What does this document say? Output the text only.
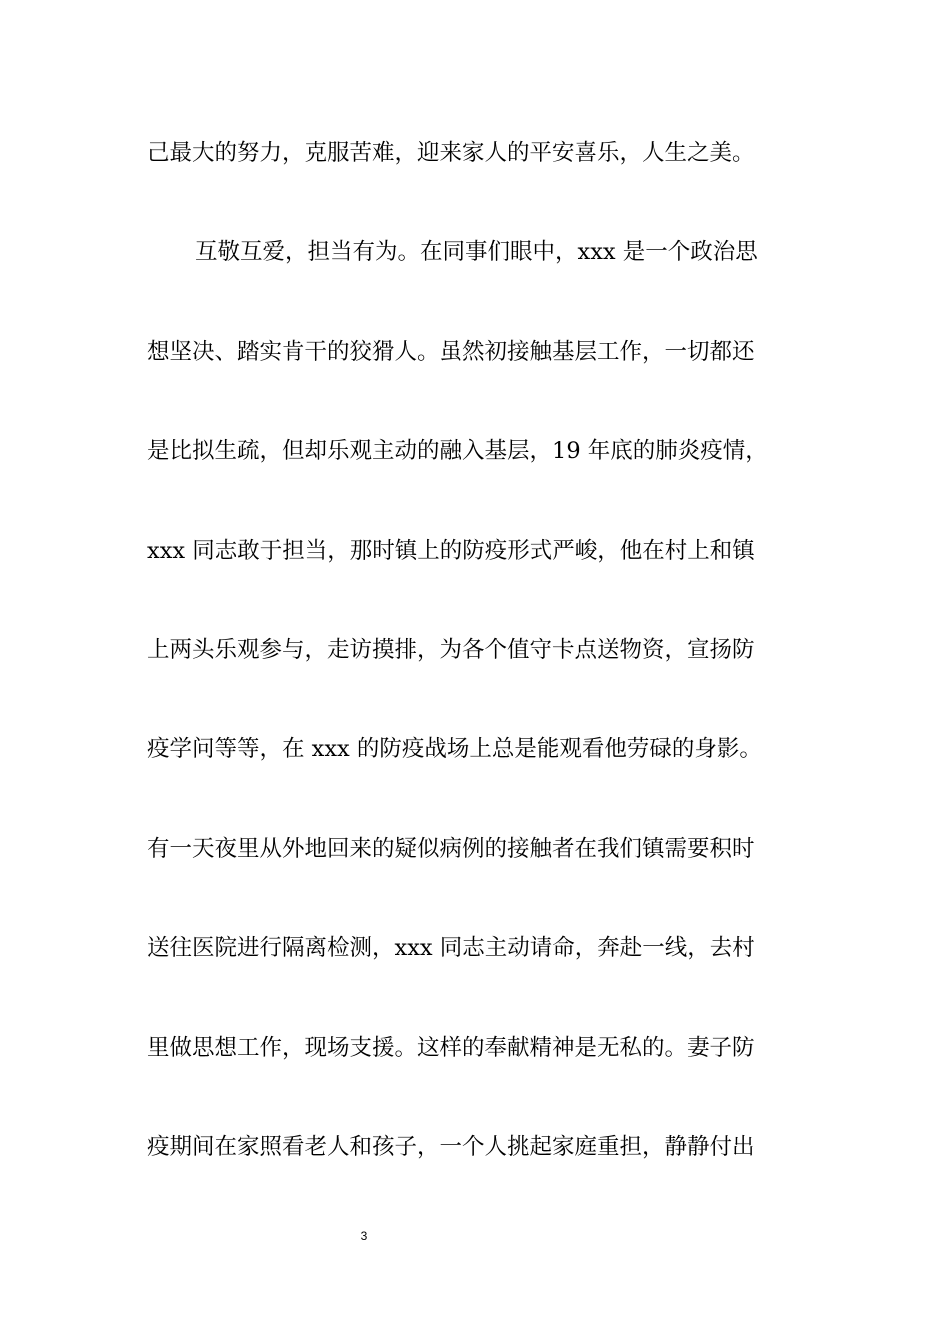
己最大的努力，克服苦难，迎来家人的平安喜乐，人生之美。
互敬互爱，担当有为。在同事们眼中，xxx 是一个政治思
想坚决、踏实肯干的狡猾人。虽然初接触基层工作，一切都还
是比拟生疏，但却乐观主动的融入基层，19 年底的肺炎疫情，
xxx 同志敢于担当，那时镇上的防疫形式严峻，他在村上和镇
上两头乐观参与，走访摸排，为各个值守卡点送物资，宣扬防
疫学问等等，在 xxx 的防疫战场上总是能观看他劳碌的身影。
有一天夜里从外地回来的疑似病例的接触者在我们镇需要积时
送往医院进行隔离检测，xxx 同志主动请命，奔赴一线，去村
里做思想工作，现场支援。这样的奉献精神是无私的。妻子防
疫期间在家照看老人和孩子，一个人挑起家庭重担，静静付出
3
